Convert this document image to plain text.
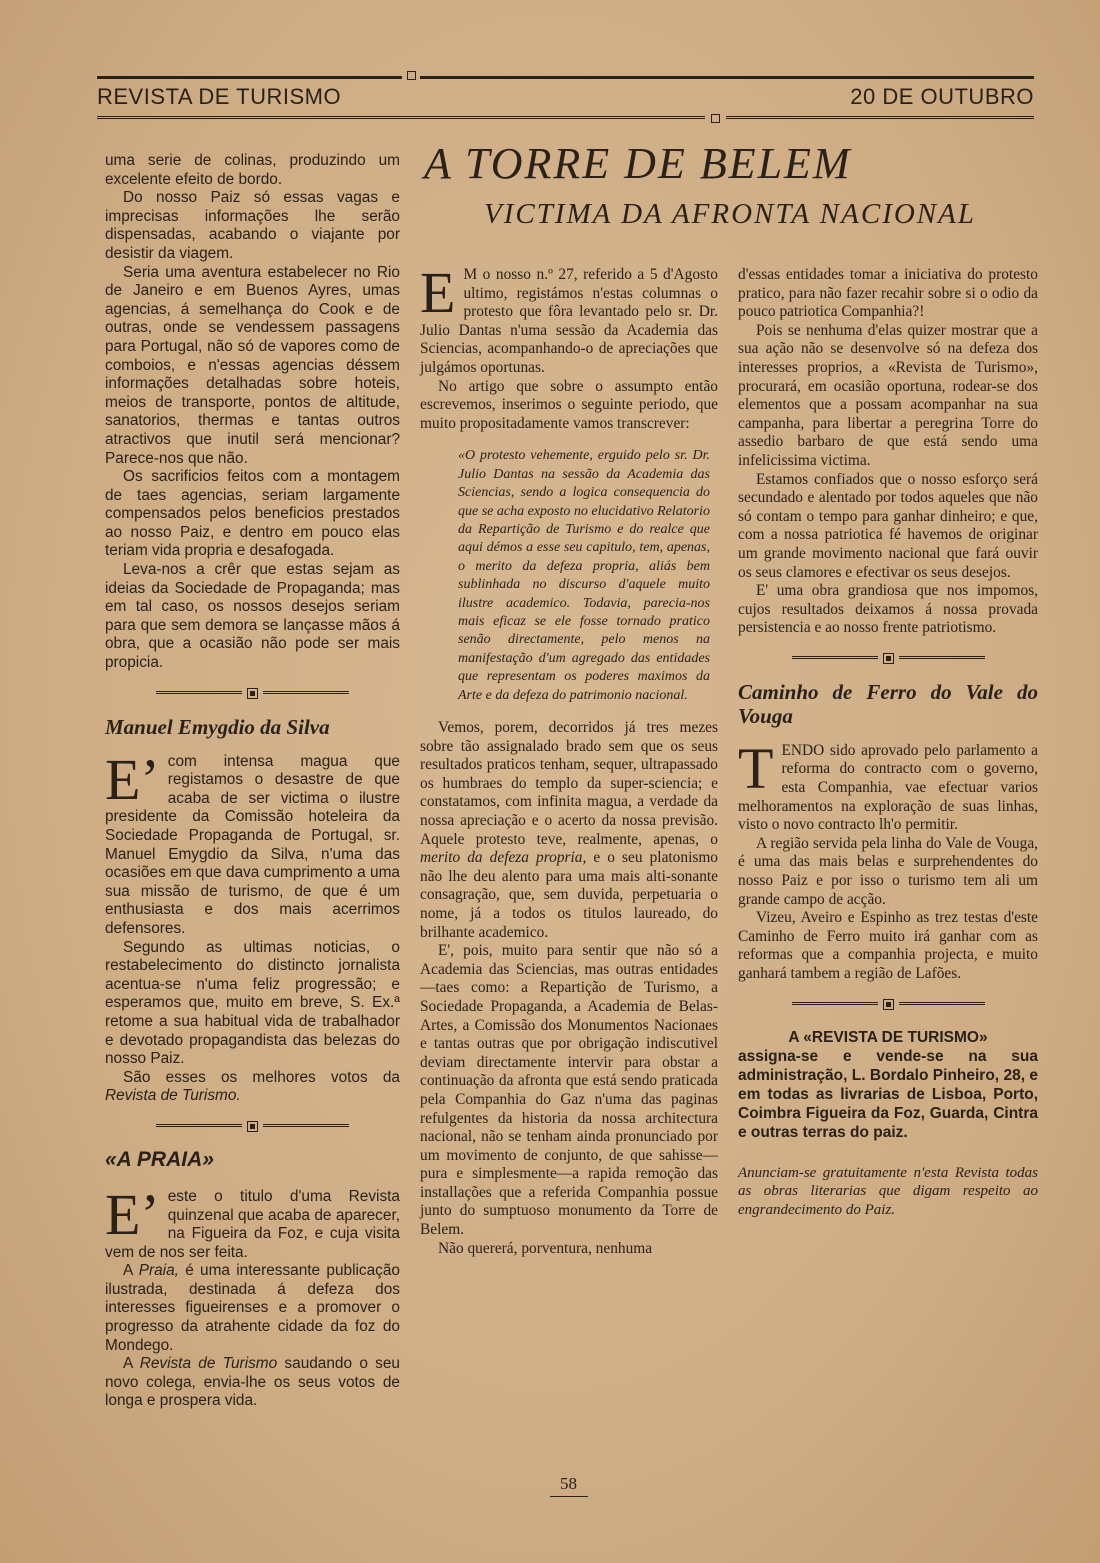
REVISTA DE TURISMO	20 DE OUTUBRO

uma serie de colinas, produzindo um excelente efeito de bordo.

Do nosso Paiz só essas vagas e imprecisas informações lhe serão dispensadas, acabando o viajante por desistir da viagem.

Seria uma aventura estabelecer no Rio de Janeiro e em Buenos Ayres, umas agencias, á semelhança do Cook e de outras, onde se vendessem passagens para Portugal, não só de vapores como de comboios, e n'essas agencias déssem informações detalhadas sobre hoteis, meios de transporte, pontos de altitude, sanatorios, thermas e tantas outros atractivos que inutil será mencionar? Parece-nos que não.

Os sacrificios feitos com a montagem de taes agencias, seriam largamente compensados pelos beneficios prestados ao nosso Paiz, e dentro em pouco elas teriam vida propria e desafogada.

Leva-nos a crêr que estas sejam as ideias da Sociedade de Propaganda; mas em tal caso, os nossos desejos seriam para que sem demora se lançasse mãos á obra, que a ocasião não pode ser mais propicia.

Manuel Emygdio da Silva

E’ com intensa magua que registamos o desastre de que acaba de ser victima o ilustre presidente da Comissão hoteleira da Sociedade Propaganda de Portugal, sr. Manuel Emygdio da Silva, n'uma das ocasiões em que dava cumprimento a uma sua missão de turismo, de que é um enthusiasta e dos mais acerrimos defensores.

Segundo as ultimas noticias, o restabelecimento do distincto jornalista acentua-se n'uma feliz progressão; e esperamos que, muito em breve, S. Ex.ª retome a sua habitual vida de trabalhador e devotado propagandista das belezas do nosso Paiz.

São esses os melhores votos da Revista de Turismo.

«A PRAIA»

E’ este o titulo d'uma Revista quinzenal que acaba de aparecer, na Figueira da Foz, e cuja visita vem de nos ser feita.

A Praia, é uma interessante publicação ilustrada, destinada á defeza dos interesses figueirenses e a promover o progresso da atrahente cidade da foz do Mondego.

A Revista de Turismo saudando o seu novo colega, envia-lhe os seus votos de longa e prospera vida.

A TORRE DE BELEM
VICTIMA DA AFRONTA NACIONAL

E M o nosso n.º 27, referido a 5 d'Agosto ultimo, registámos n'estas columnas o protesto que fôra levantado pelo sr. Dr. Julio Dantas n'uma sessão da Academia das Sciencias, acompanhando-o de apreciações que julgámos oportunas.

No artigo que sobre o assumpto então escrevemos, inserimos o seguinte periodo, que muito propositadamente vamos transcrever:

«O protesto vehemente, erguido pelo sr. Dr. Julio Dantas na sessão da Academia das Sciencias, sendo a logica consequencia do que se acha exposto no elucidativo Relatorio da Repartição de Turismo e do realce que aqui démos a esse seu capitulo, tem, apenas, o merito da defeza propria, aliás bem sublinhada no discurso d'aquele muito ilustre academico. Todavia, parecia-nos mais eficaz se ele fosse tornado pratico senão directamente, pelo menos na manifestação d'um agregado das entidades que representam os poderes maximos da Arte e da defeza do patrimonio nacional.

Vemos, porem, decorridos já tres mezes sobre tão assignalado brado sem que os seus resultados praticos tenham, sequer, ultrapassado os humbraes do templo da super-sciencia; e constatamos, com infinita magua, a verdade da nossa apreciação e o acerto da nossa previsão. Aquele protesto teve, realmente, apenas, o merito da defeza propria, e o seu platonismo não lhe deu alento para uma mais alti-sonante consagração, que, sem duvida, perpetuaria o nome, já a todos os titulos laureado, do brilhante academico.

E', pois, muito para sentir que não só a Academia das Sciencias, mas outras entidades—taes como: a Repartição de Turismo, a Sociedade Propaganda, a Academia de Belas-Artes, a Comissão dos Monumentos Nacionaes e tantas outras que por obrigação indiscutivel deviam directamente intervir para obstar a continuação da afronta que está sendo praticada pela Companhia do Gaz n'uma das paginas refulgentes da historia da nossa architectura nacional, não se tenham ainda pronunciado por um movimento de conjunto, de que sahisse—pura e simplesmente—a rapida remoção das installações que a referida Companhia possue junto do sumptuoso monumento da Torre de Belem.

Não quererá, porventura, nenhuma

d'essas entidades tomar a iniciativa do protesto pratico, para não fazer recahir sobre si o odio da pouco patriotica Companhia?!

Pois se nenhuma d'elas quizer mostrar que a sua ação não se desenvolve só na defeza dos interesses proprios, a «Revista de Turismo», procurará, em ocasião oportuna, rodear-se dos elementos que a possam acompanhar na sua campanha, para libertar a peregrina Torre do assedio barbaro de que está sendo uma infelicissima victima.

Estamos confiados que o nosso esforço será secundado e alentado por todos aqueles que não só contam o tempo para ganhar dinheiro; e que, com a nossa patriotica fé havemos de originar um grande movimento nacional que fará ouvir os seus clamores e efectivar os seus desejos.

E' uma obra grandiosa que nos impomos, cujos resultados deixamos á nossa provada persistencia e ao nosso frente patriotismo.

Caminho de Ferro do Vale do Vouga

TENDO sido aprovado pelo parlamento a reforma do contracto com o governo, esta Companhia, vae efectuar varios melhoramentos na exploração de suas linhas, visto o novo contracto lh'o permitir.

A região servida pela linha do Vale de Vouga, é uma das mais belas e surprehendentes do nosso Paiz e por isso o turismo tem ali um grande campo de acção.

Vizeu, Aveiro e Espinho as trez testas d'este Caminho de Ferro muito irá ganhar com as reformas que a companhia projecta, e muito ganhará tambem a região de Lafões.

A «REVISTA DE TURISMO»
assigna-se e vende-se na sua administração, L. Bordalo Pinheiro, 28, e em todas as livrarias de Lisboa, Porto, Coimbra Figueira da Foz, Guarda, Cintra e outras terras do paiz.
Anunciam-se gratuitamente n'esta Revista todas as obras literarias que digam respeito ao engrandecimento do Paiz.
58
